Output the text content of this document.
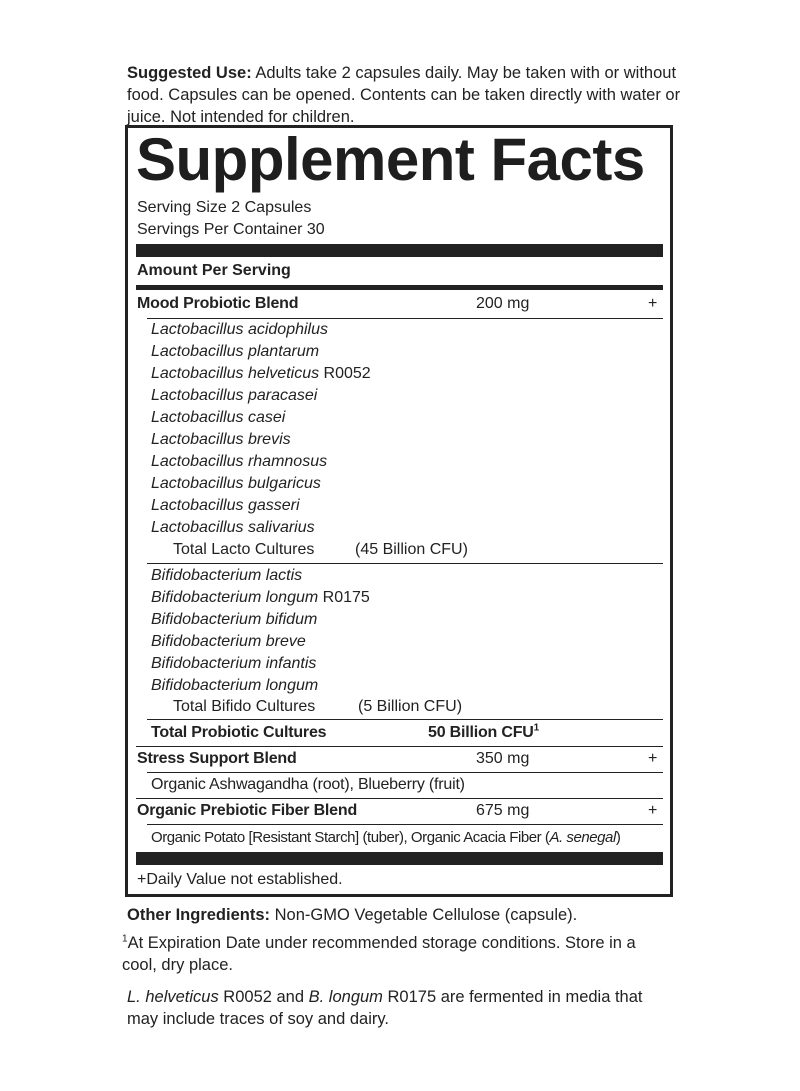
Suggested Use: Adults take 2 capsules daily. May be taken with or without food. Capsules can be opened. Contents can be taken directly with water or juice. Not intended for children.
Supplement Facts
Serving Size 2 Capsules
Servings Per Container 30
Amount Per Serving
Mood Probiotic Blend	200 mg	+
Lactobacillus acidophilus
Lactobacillus plantarum
Lactobacillus helveticus R0052
Lactobacillus paracasei
Lactobacillus casei
Lactobacillus brevis
Lactobacillus rhamnosus
Lactobacillus bulgaricus
Lactobacillus gasseri
Lactobacillus salivarius
Total Lacto Cultures	(45 Billion CFU)
Bifidobacterium lactis
Bifidobacterium longum R0175
Bifidobacterium bifidum
Bifidobacterium breve
Bifidobacterium infantis
Bifidobacterium longum
Total Bifido Cultures	(5 Billion CFU)
Total Probiotic Cultures	50 Billion CFU$^1$
Stress Support Blend	350 mg	+
Organic Ashwagandha (root), Blueberry (fruit)
Organic Prebiotic Fiber Blend	675 mg	+
Organic Potato [Resistant Starch] (tuber), Organic Acacia Fiber (A. senegal)
+Daily Value not established.
Other Ingredients: Non-GMO Vegetable Cellulose (capsule).
$^1$At Expiration Date under recommended storage conditions. Store in a cool, dry place.
L. helveticus R0052 and B. longum R0175 are fermented in media that may include traces of soy and dairy.
